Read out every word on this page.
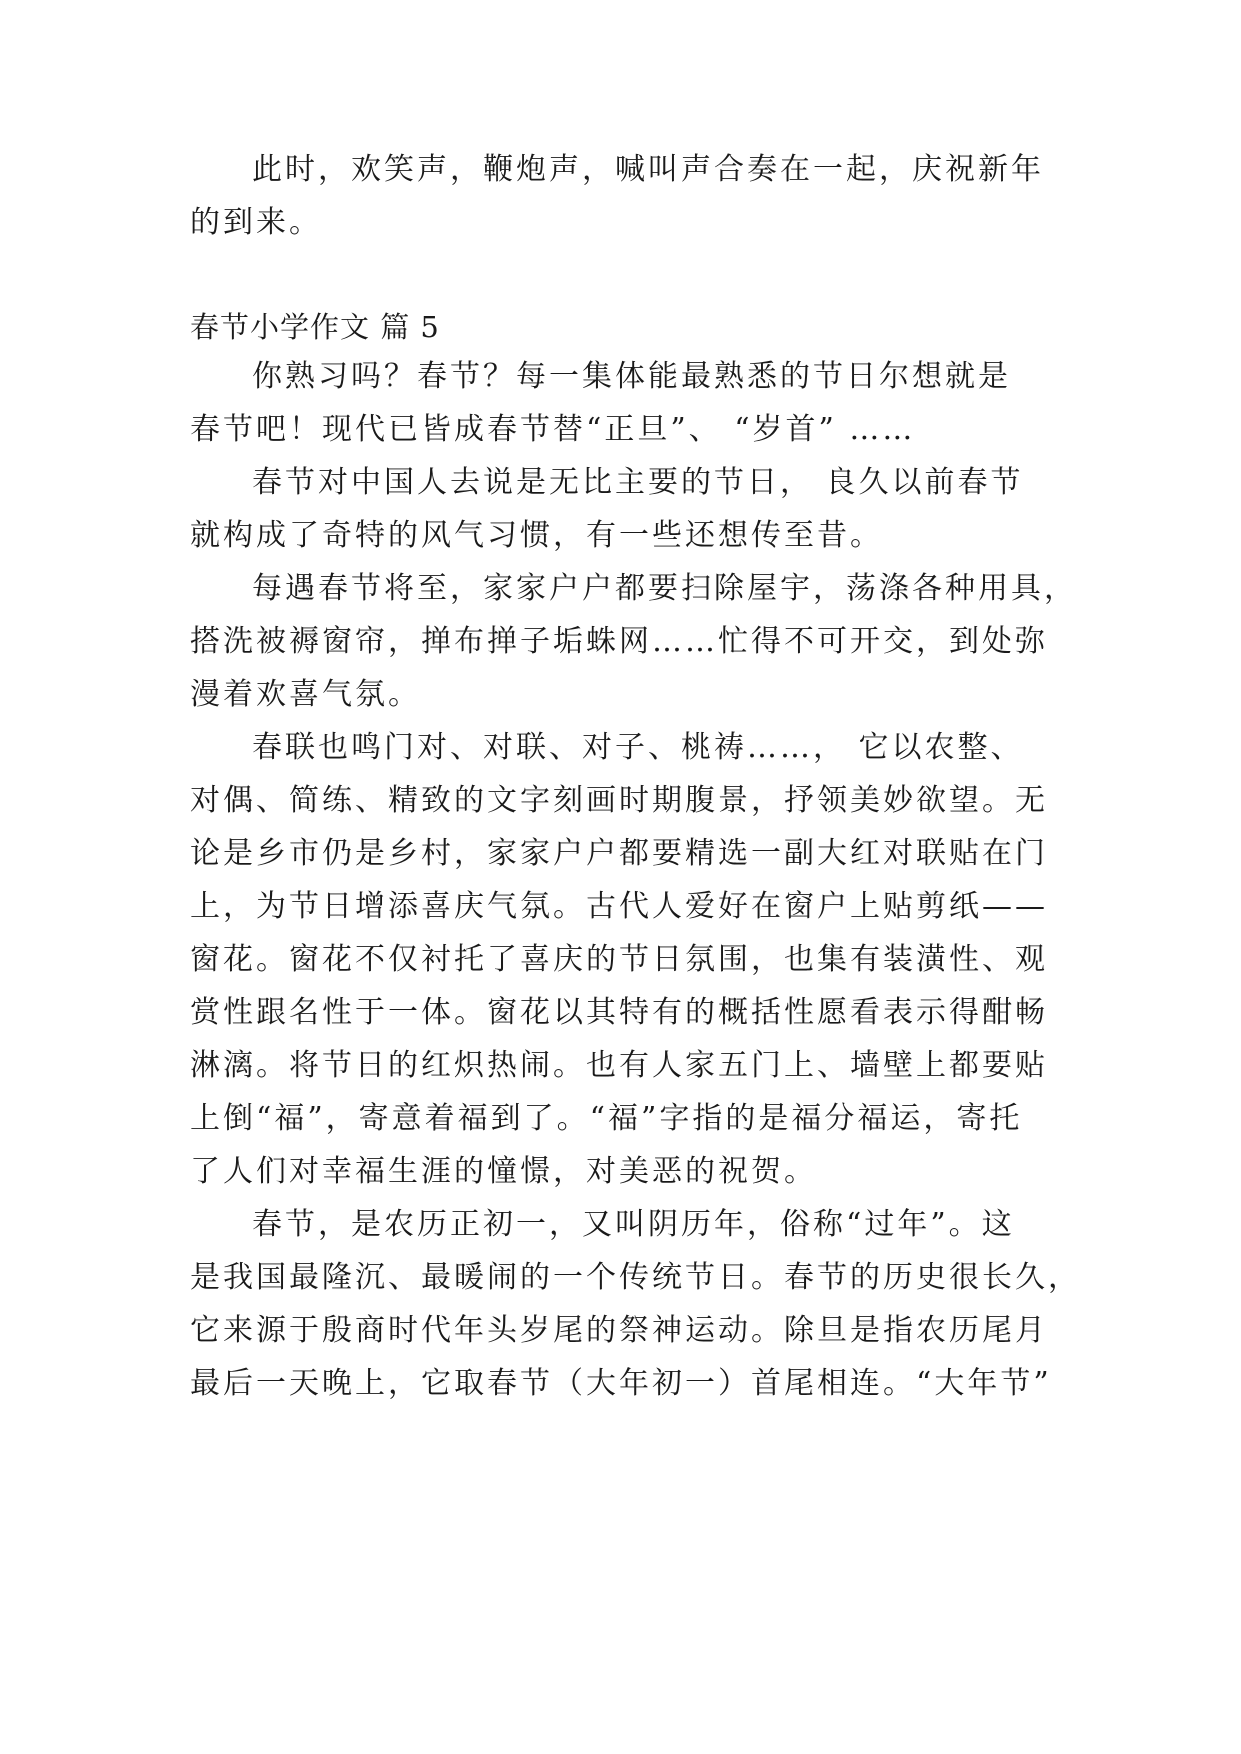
此时，欢笑声，鞭炮声，喊叫声合奏在一起，庆祝新年
的到来。
春节小学作文 篇 5
你熟习吗？春节？每一集体能最熟悉的节日尔想就是
春节吧！现代已皆成春节替“正旦”、 “岁首” ……
春节对中国人去说是无比主要的节日， 良久以前春节
就构成了奇特的风气习惯，有一些还想传至昔。
每遇春节将至，家家户户都要扫除屋宇，荡涤各种用具，
搭洗被褥窗帘，掸布掸子垢蛛网……忙得不可开交，到处弥
漫着欢喜气氛。
春联也鸣门对、对联、对子、桃祷……， 它以农整、
对偶、简练、精致的文字刻画时期腹景，抒领美妙欲望。无
论是乡市仍是乡村，家家户户都要精选一副大红对联贴在门
上，为节日增添喜庆气氛。古代人爱好在窗户上贴剪纸——
窗花。窗花不仅衬托了喜庆的节日氛围，也集有装潢性、观
赏性跟名性于一体。窗花以其特有的概括性愿看表示得酣畅
淋漓。将节日的红炽热闹。也有人家五门上、墙壁上都要贴
上倒“福”，寄意着福到了。“福”字指的是福分福运，寄托
了人们对幸福生涯的憧憬，对美恶的祝贺。
春节，是农历正初一，又叫阴历年，俗称“过年”。这
是我国最隆沉、最暖闹的一个传统节日。春节的历史很长久，
它来源于殷商时代年头岁尾的祭神运动。除旦是指农历尾月
最后一天晚上，它取春节（大年初一）首尾相连。“大年节”
